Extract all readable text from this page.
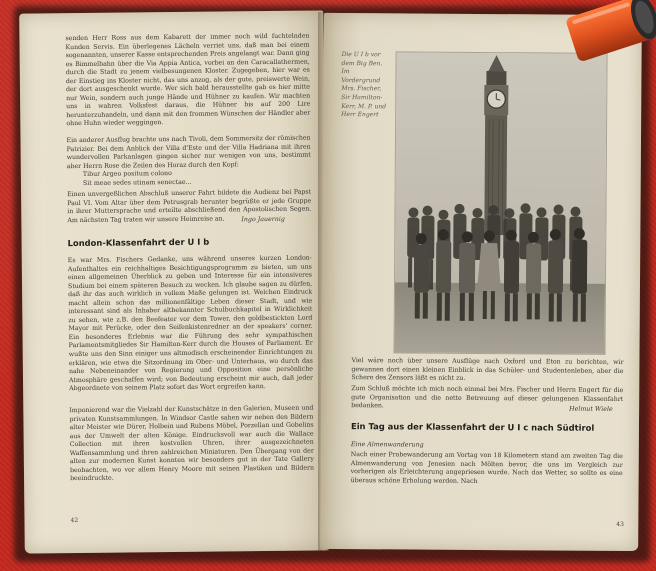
senden Herr Ross aus dem Kabarett der immer noch wild fuchtelnden Kunden Servis. Ein überlegenes Lächeln verriet uns, daß man bei einem sogenannten, unserer Kasse entsprechenden Preis angelangt war. Dann ging es Bimmelbahn über die Via Appia Antica, vorbei an den Caracallathermen, durch die Stadt zu jenem vielbesungenen Kloster. Zugegeben, hier war es der Einstieg ins Kloster nicht, das uns anzog, als der gute, preiswerte Wein, der dort ausgeschenkt wurde. Wer sich bald herausstellte gab es hier mitte nur Wein, sondern auch junge Hände und Hühner zu kaufen. Wir machten uns in wahren Volksfest daraus, die Hühner bis auf 200 Lire herunterzuhandeln, und dann mit den frommen Wünschen der Händler aber ohne Huhn wieder weggingen.

Ein anderer Ausflug brachte uns nach Tivoli, dem Sommersitz der römischen Patrizier. Bei dem Anblick der Villa d'Este und der Villa Hadriana mit ihren wundervollen Parkanlagen gingen sicher nur wenigen von uns, bestimmt aber Herrn Rose die Zeilen des Horaz durch den Kopf:

Tibur Argeo positum colono
Sit meae sedes utinam senectae...

Einen unvergeßlichen Abschluß unserer Fahrt bildete die Audienz bei Papst Paul VI. Vom Altar über dem Petrusgrab herunter begrüßte er jede Gruppe in ihrer Muttersprache und erteilte abschließend den Apostolischen Segen. Am nächsten Tag traten wir unsere Heimreise an.	Ingo Jauernig
London-Klassenfahrt der U I b

Es war Mrs. Fischers Gedanke, uns während unseres kurzen London-Aufenthaltes ein reichhaltiges Besichtigungsprogramm zu bieten, um uns einen allgemeinen Überblick zu geben und Interesse für ein intensiveres Studium bei einem späteren Besuch zu wecken. Ich glaube sagen zu dürfen, daß ihr das auch wirklich in vollem Maße gelungen ist. Welchen Eindruck macht allein schon das millionenfältige Leben dieser Stadt, und wie interessant sind als Inhaber altbekannter Schulbuchkapitel in Wirklichkeit zu sehen, wie z.B. den Beefeater vor dem Tower, den goldbestickten Lord Mayor mit Perücke, oder den Seifenkistenredner an der speakers' corner. Ein besonderes Erlebnis war die Führung des sehr sympathischen Parlamentsmitgliedes Sir Hamilton-Kerr durch die Houses of Parliament. Er wußte uns den Sinn einiger uns altmodisch erscheinender Einrichtungen zu erklären, wie etwa die Sitzordnung im Ober- und Unterhaus, wo durch das nahe Nebeneinander von Regierung und Opposition eine persönliche Atmosphäre geschaffen wird; von Bedeutung erscheint mir auch, daß jeder Abgeordnete von seinem Platz sofort das Wort ergreifen kann.

Imponierend war die Vielzahl der Kunstschätze in den Galerien, Museen und privaten Kunstsammlungen. In Windsor Castle sahen wir neben den Bildern alter Meister wie Dürer, Holbein und Rubens Möbel, Porzellan und Gobelins aus der Umwelt der alten Könige. Eindrucksvoll war auch die Wallace Collection mit ihren kostvollen Uhren, ihrer ausgezeichneten Waffensammlung und ihren zahlreichen Miniaturen. Den Übergang von der alten zur modernen Kunst konnten wir besonders gut in der Tate Gallery beobachten, wo vor allem Henry Moore mit seinen Plastiken und Bildern beeindruckte.

42

Die U I b vor dem Big Ben. Im Vordergrund Mrs. Fischer, Sir Hamilton-Kerr, M. P. und Herr Engert

Viel wäre noch über unsere Ausflüge nach Oxford und Eton zu berichten, wir gewannen dort einen kleinen Einblick in das Schüler- und Studentenleben, aber die Schere des Zensors läßt es nicht zu.

Zum Schluß möchte ich mich noch einmal bei Mrs. Fischer und Herrn Engert für die gute Organisation und die nette Betreuung auf dieser gelungenen Klassenfahrt bedanken.	Helmut Wiele
Ein Tag aus der Klassenfahrt der U I c nach Südtirol
Eine Almenwanderung

Nach einer Probewanderung am Vortag von 18 Kilometern stand am zweiten Tag die Almenwanderung von Jenesien nach Mölten bevor, die uns im Vergleich zur vorherigen als Erleichterung angepriesen wurde. Nach das Wetter, so sollte es eine überaus schöne Erholung werden. Nach

43
